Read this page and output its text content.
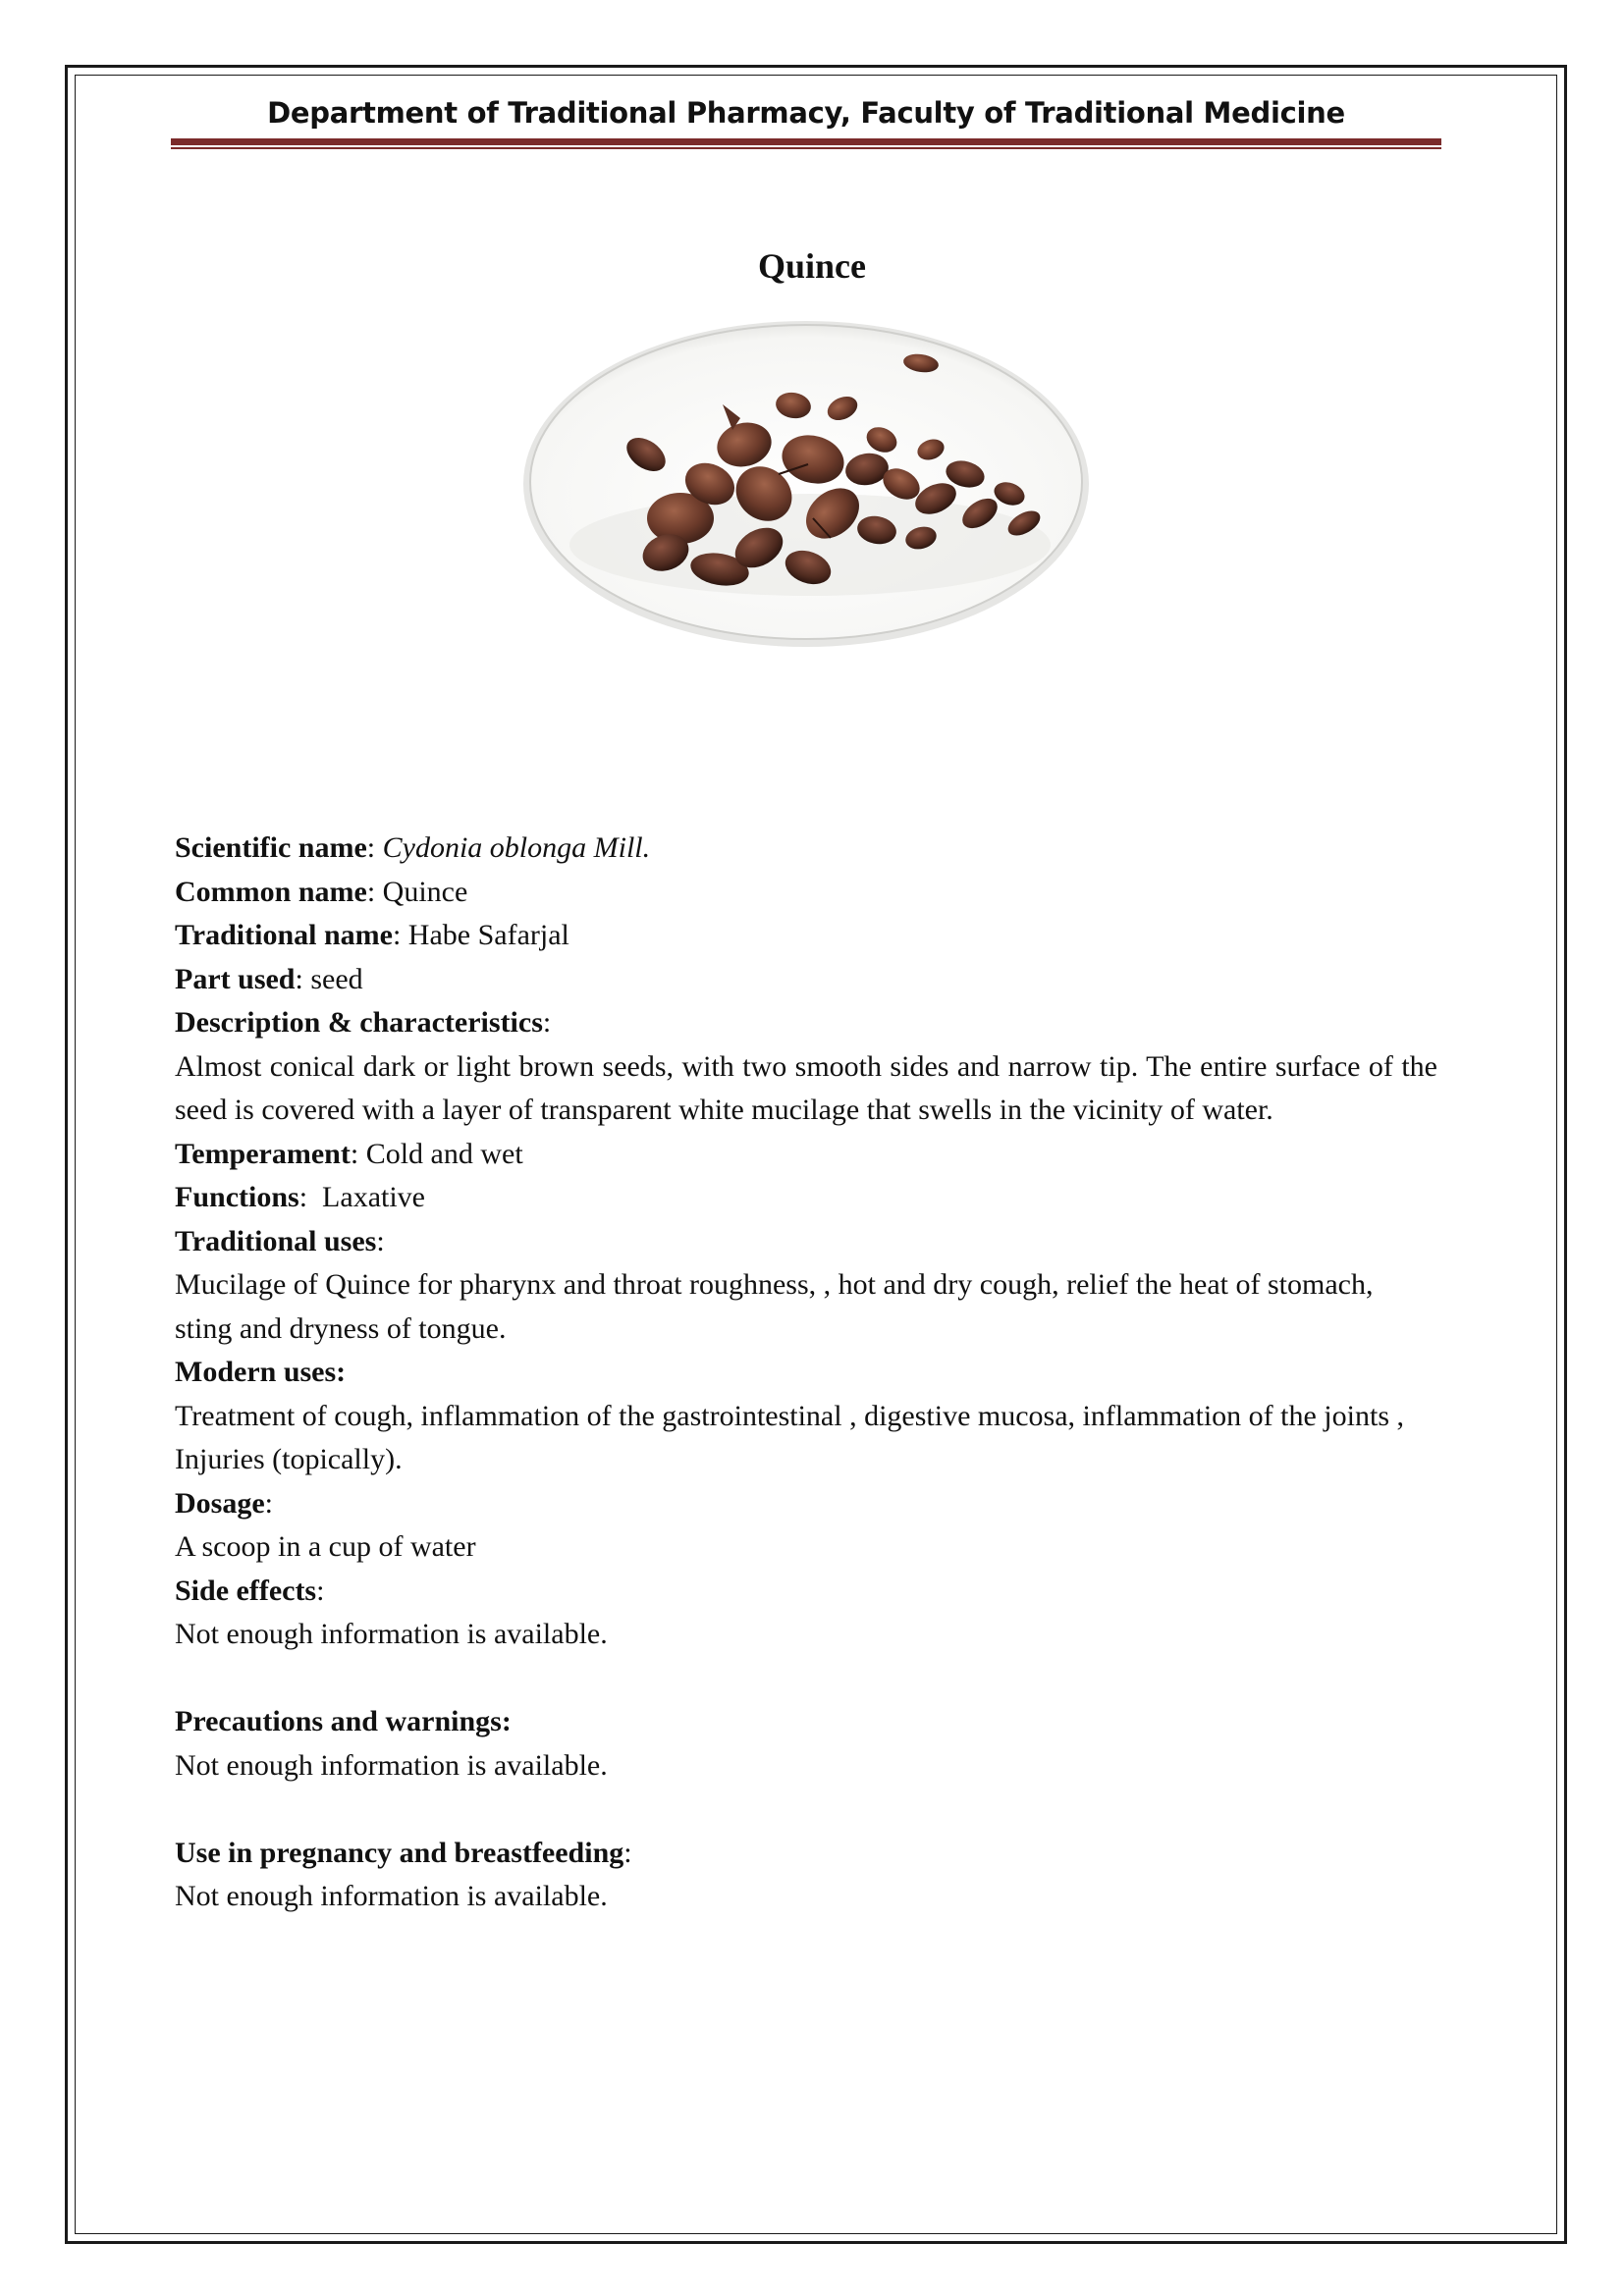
Department of Traditional Pharmacy, Faculty of Traditional Medicine
Quince
Scientific name: Cydonia oblonga Mill.
Common name: Quince
Traditional name: Habe Safarjal
Part used: seed
Description & characteristics:
Almost conical dark or light brown seeds, with two smooth sides and narrow tip. The entire surface of the seed is covered with a layer of transparent white mucilage that swells in the vicinity of water.
Temperament: Cold and wet
Functions:  Laxative
Traditional uses:
Mucilage of Quince for pharynx and throat roughness, , hot and dry cough, relief the heat of stomach, sting and dryness of tongue.
Modern uses:
Treatment of cough, inflammation of the gastrointestinal , digestive mucosa, inflammation of the joints , Injuries (topically).
Dosage:
A scoop in a cup of water
Side effects:
Not enough information is available.
Precautions and warnings:
Not enough information is available.
Use in pregnancy and breastfeeding:
Not enough information is available.
